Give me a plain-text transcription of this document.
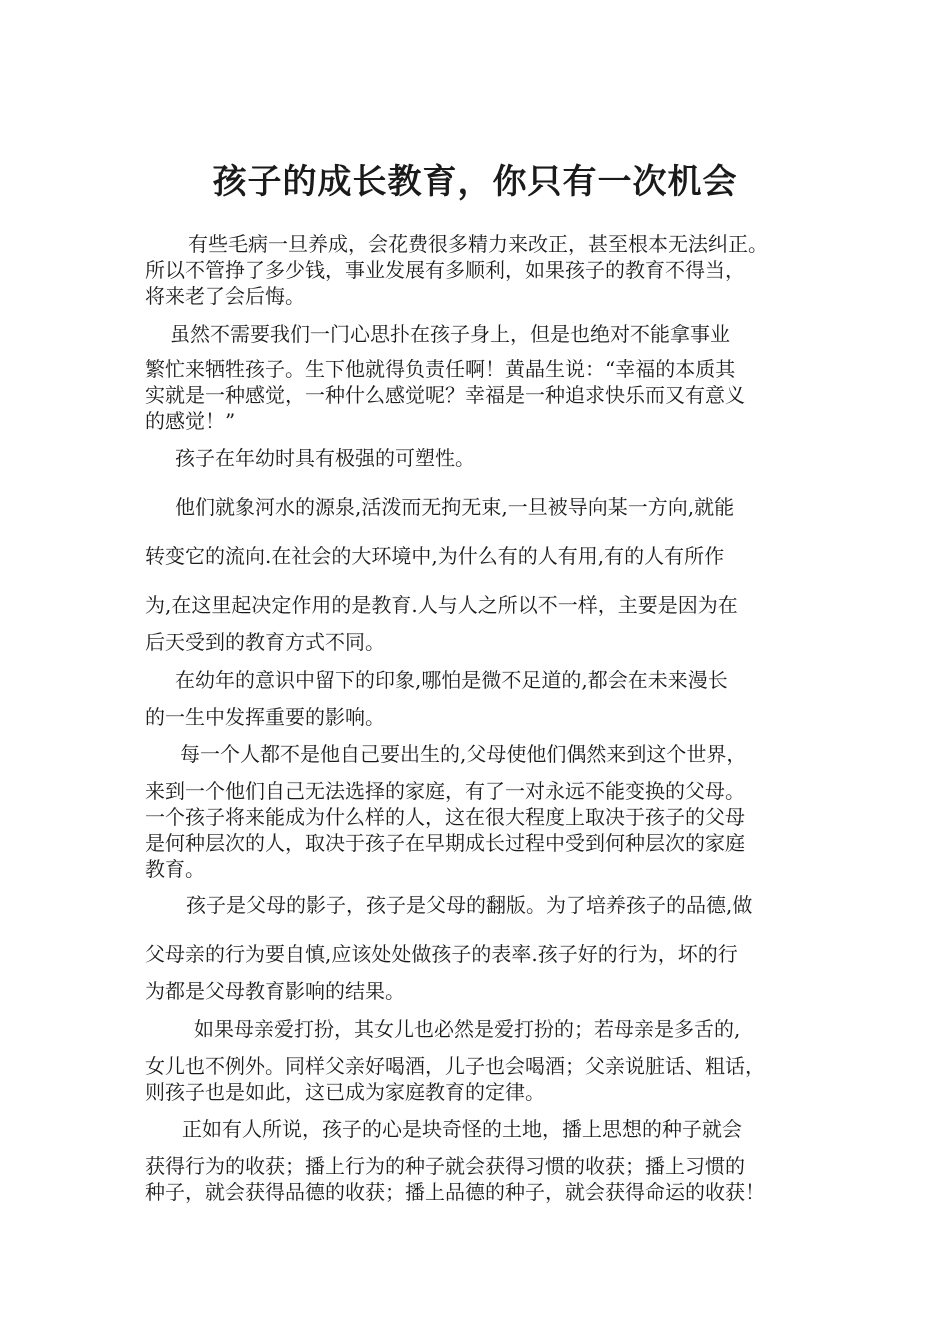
孩子的成长教育，你只有一次机会
有些毛病一旦养成，会花费很多精力来改正，甚至根本无法纠正。
所以不管挣了多少钱，事业发展有多顺利，如果孩子的教育不得当，
将来老了会后悔。
虽然不需要我们一门心思扑在孩子身上，但是也绝对不能拿事业
繁忙来牺牲孩子。生下他就得负责任啊！黄晶生说：“幸福的本质其
实就是一种感觉，一种什么感觉呢？幸福是一种追求快乐而又有意义
的感觉！”
孩子在年幼时具有极强的可塑性。
他们就象河水的源泉,活泼而无拘无束,一旦被导向某一方向,就能
转变它的流向.在社会的大环境中,为什么有的人有用,有的人有所作
为,在这里起决定作用的是教育.人与人之所以不一样，主要是因为在
后天受到的教育方式不同。
在幼年的意识中留下的印象,哪怕是微不足道的,都会在未来漫长
的一生中发挥重要的影响。
每一个人都不是他自己要出生的,父母使他们偶然来到这个世界，
来到一个他们自己无法选择的家庭，有了一对永远不能变换的父母。
一个孩子将来能成为什么样的人，这在很大程度上取决于孩子的父母
是何种层次的人，取决于孩子在早期成长过程中受到何种层次的家庭
教育。
孩子是父母的影子，孩子是父母的翻版。为了培养孩子的品德,做
父母亲的行为要自慎,应该处处做孩子的表率.孩子好的行为，坏的行
为都是父母教育影响的结果。
如果母亲爱打扮，其女儿也必然是爱打扮的；若母亲是多舌的,
女儿也不例外。同样父亲好喝酒，儿子也会喝酒；父亲说脏话、粗话，
则孩子也是如此，这已成为家庭教育的定律。
正如有人所说，孩子的心是块奇怪的土地，播上思想的种子就会
获得行为的收获；播上行为的种子就会获得习惯的收获；播上习惯的
种子，就会获得品德的收获；播上品德的种子，就会获得命运的收获！
